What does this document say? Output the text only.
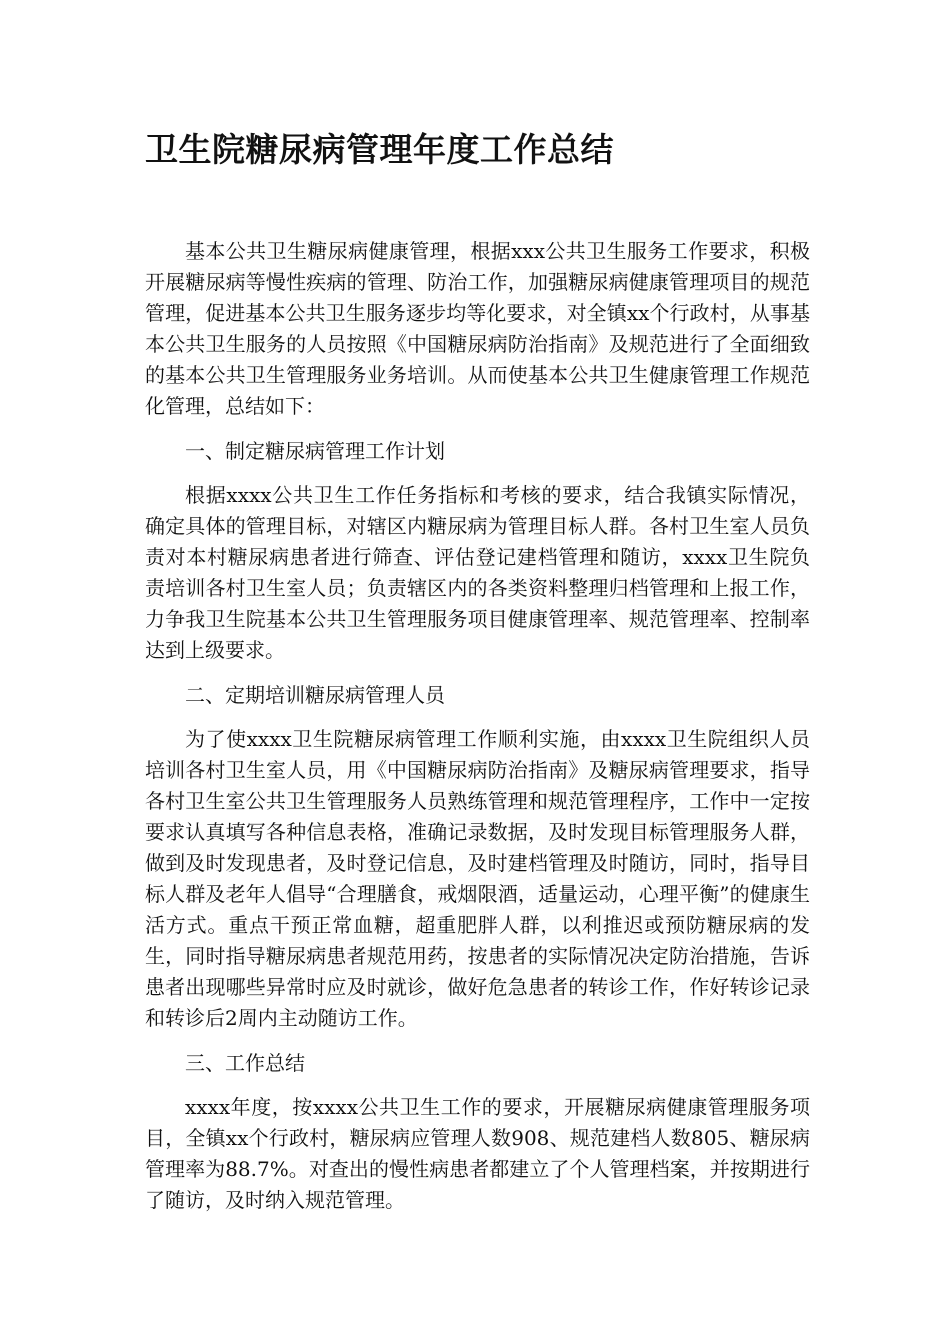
卫生院糖尿病管理年度工作总结

基本公共卫生糖尿病健康管理，根据xxx公共卫生服务工作要求，积极开展糖尿病等慢性疾病的管理、防治工作，加强糖尿病健康管理项目的规范管理，促进基本公共卫生服务逐步均等化要求，对全镇xx个行政村，从事基本公共卫生服务的人员按照《中国糖尿病防治指南》及规范进行了全面细致的基本公共卫生管理服务业务培训。从而使基本公共卫生健康管理工作规范化管理，总结如下：

一、制定糖尿病管理工作计划

根据xxxx公共卫生工作任务指标和考核的要求，结合我镇实际情况，确定具体的管理目标，对辖区内糖尿病为管理目标人群。各村卫生室人员负责对本村糖尿病患者进行筛查、评估登记建档管理和随访，xxxx卫生院负责培训各村卫生室人员；负责辖区内的各类资料整理归档管理和上报工作，力争我卫生院基本公共卫生管理服务项目健康管理率、规范管理率、控制率达到上级要求。

二、定期培训糖尿病管理人员

为了使xxxx卫生院糖尿病管理工作顺利实施，由xxxx卫生院组织人员培训各村卫生室人员，用《中国糖尿病防治指南》及糖尿病管理要求，指导各村卫生室公共卫生管理服务人员熟练管理和规范管理程序，工作中一定按要求认真填写各种信息表格，准确记录数据，及时发现目标管理服务人群，做到及时发现患者，及时登记信息，及时建档管理及时随访，同时，指导目标人群及老年人倡导“合理膳食，戒烟限酒，适量运动，心理平衡”的健康生活方式。重点干预正常血糖，超重肥胖人群，以利推迟或预防糖尿病的发生，同时指导糖尿病患者规范用药，按患者的实际情况决定防治措施，告诉患者出现哪些异常时应及时就诊，做好危急患者的转诊工作，作好转诊记录和转诊后2周内主动随访工作。

三、工作总结

xxxx年度，按xxxx公共卫生工作的要求，开展糖尿病健康管理服务项目，全镇xx个行政村，糖尿病应管理人数908、规范建档人数805、糖尿病管理率为88.7%。对查出的慢性病患者都建立了个人管理档案，并按期进行了随访，及时纳入规范管理。
